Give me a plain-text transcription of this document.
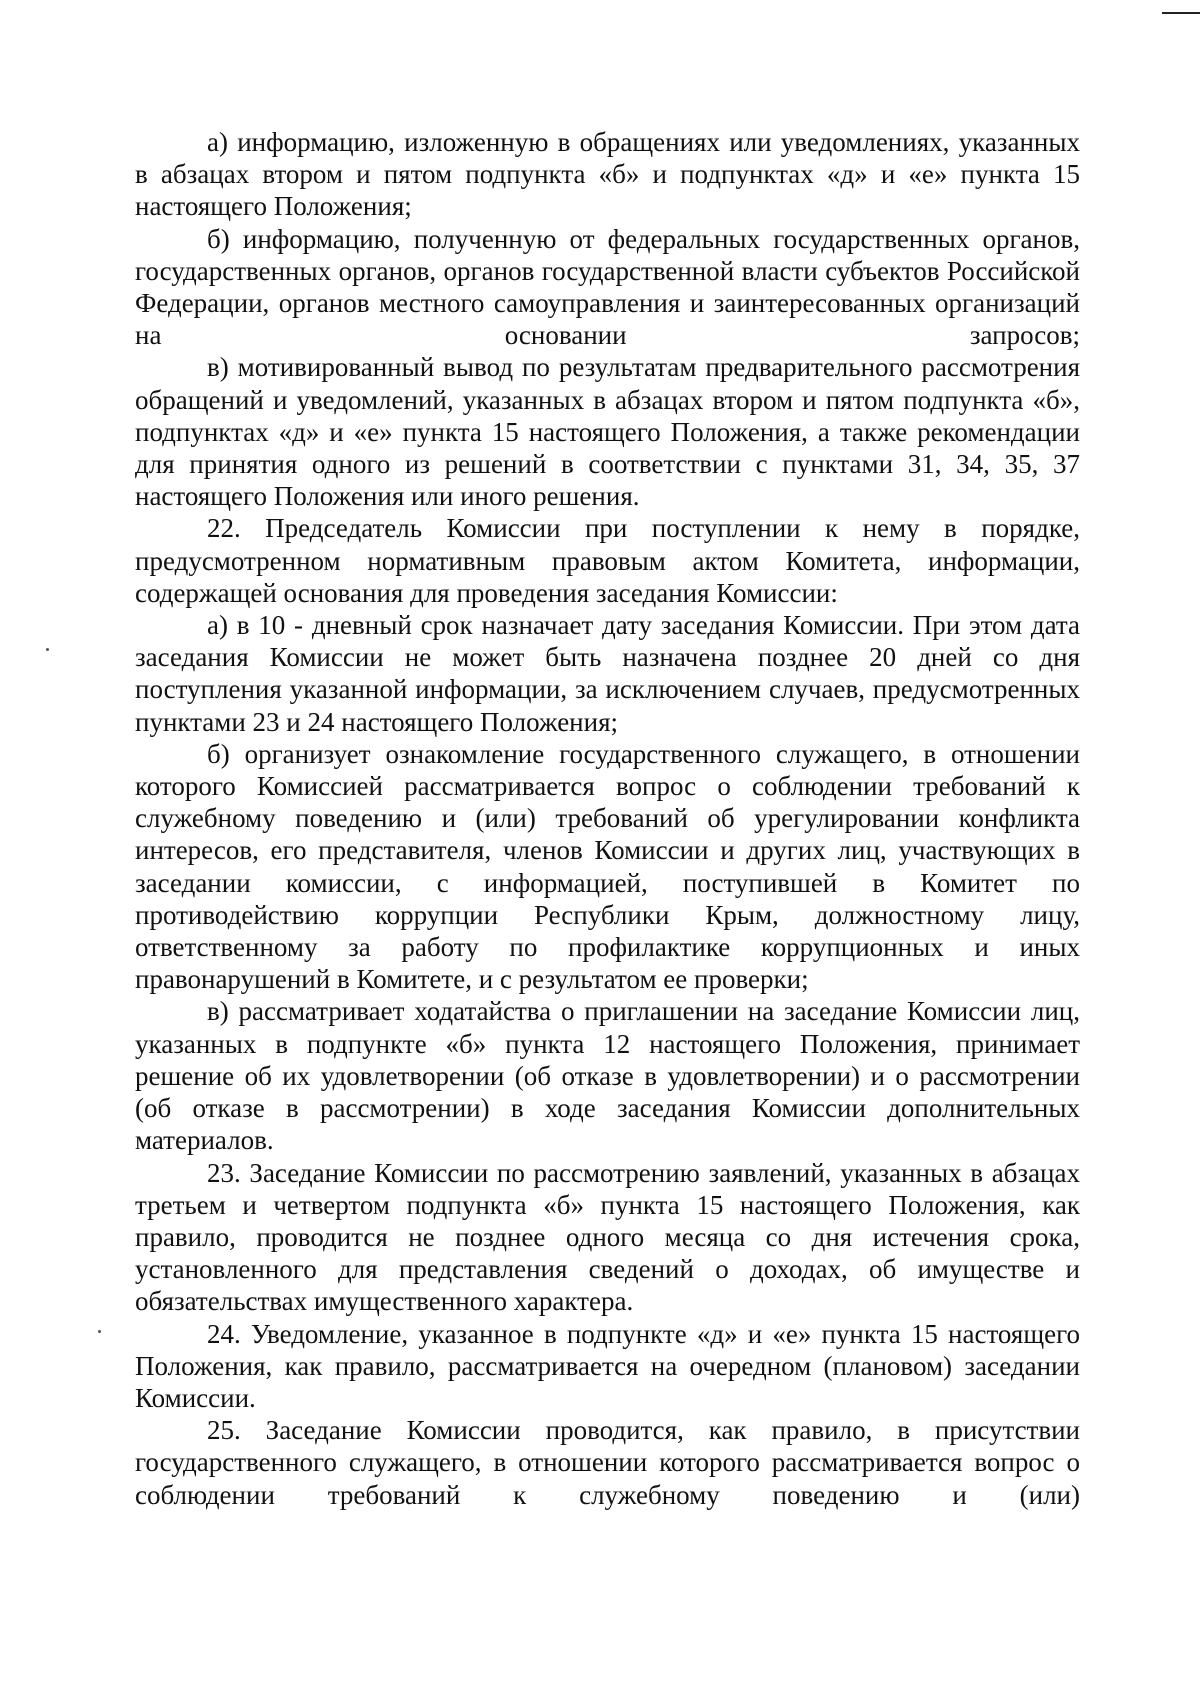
а) информацию, изложенную в обращениях или уведомлениях, указанных в абзацах втором и пятом подпункта «б» и подпунктах «д» и «е» пункта 15 настоящего Положения;

б) информацию, полученную от федеральных государственных органов, государственных органов, органов государственной власти субъектов Российской Федерации, органов местного самоуправления и заинтересованных организаций на основании запросов;

в) мотивированный вывод по результатам предварительного рассмотрения обращений и уведомлений, указанных в абзацах втором и пятом подпункта «б», подпунктах «д» и «е» пункта 15 настоящего Положения, а также рекомендации для принятия одного из решений в соответствии с пунктами 31, 34, 35, 37 настоящего Положения или иного решения.

22. Председатель Комиссии при поступлении к нему в порядке, предусмотренном нормативным правовым актом Комитета, информации, содержащей основания для проведения заседания Комиссии:

а) в 10 - дневный срок назначает дату заседания Комиссии. При этом дата заседания Комиссии не может быть назначена позднее 20 дней со дня поступления указанной информации, за исключением случаев, предусмотренных пунктами 23 и 24 настоящего Положения;

б) организует ознакомление государственного служащего, в отношении которого Комиссией рассматривается вопрос о соблюдении требований к служебному поведению и (или) требований об урегулировании конфликта интересов, его представителя, членов Комиссии и других лиц, участвующих в заседании комиссии, с информацией, поступившей в Комитет по противодействию коррупции Республики Крым, должностному лицу, ответственному за работу по профилактике коррупционных и иных правонарушений в Комитете, и с результатом ее проверки;

в) рассматривает ходатайства о приглашении на заседание Комиссии лиц, указанных в подпункте «б» пункта 12 настоящего Положения, принимает решение об их удовлетворении (об отказе в удовлетворении) и о рассмотрении (об отказе в рассмотрении) в ходе заседания Комиссии дополнительных материалов.

23. Заседание Комиссии по рассмотрению заявлений, указанных в абзацах третьем и четвертом подпункта «б» пункта 15 настоящего Положения, как правило, проводится не позднее одного месяца со дня истечения срока, установленного для представления сведений о доходах, об имуществе и обязательствах имущественного характера.

24. Уведомление, указанное в подпункте «д» и «е» пункта 15 настоящего Положения, как правило, рассматривается на очередном (плановом) заседании Комиссии.

25. Заседание Комиссии проводится, как правило, в присутствии государственного служащего, в отношении которого рассматривается вопрос о соблюдении требований к служебному поведению и (или)
